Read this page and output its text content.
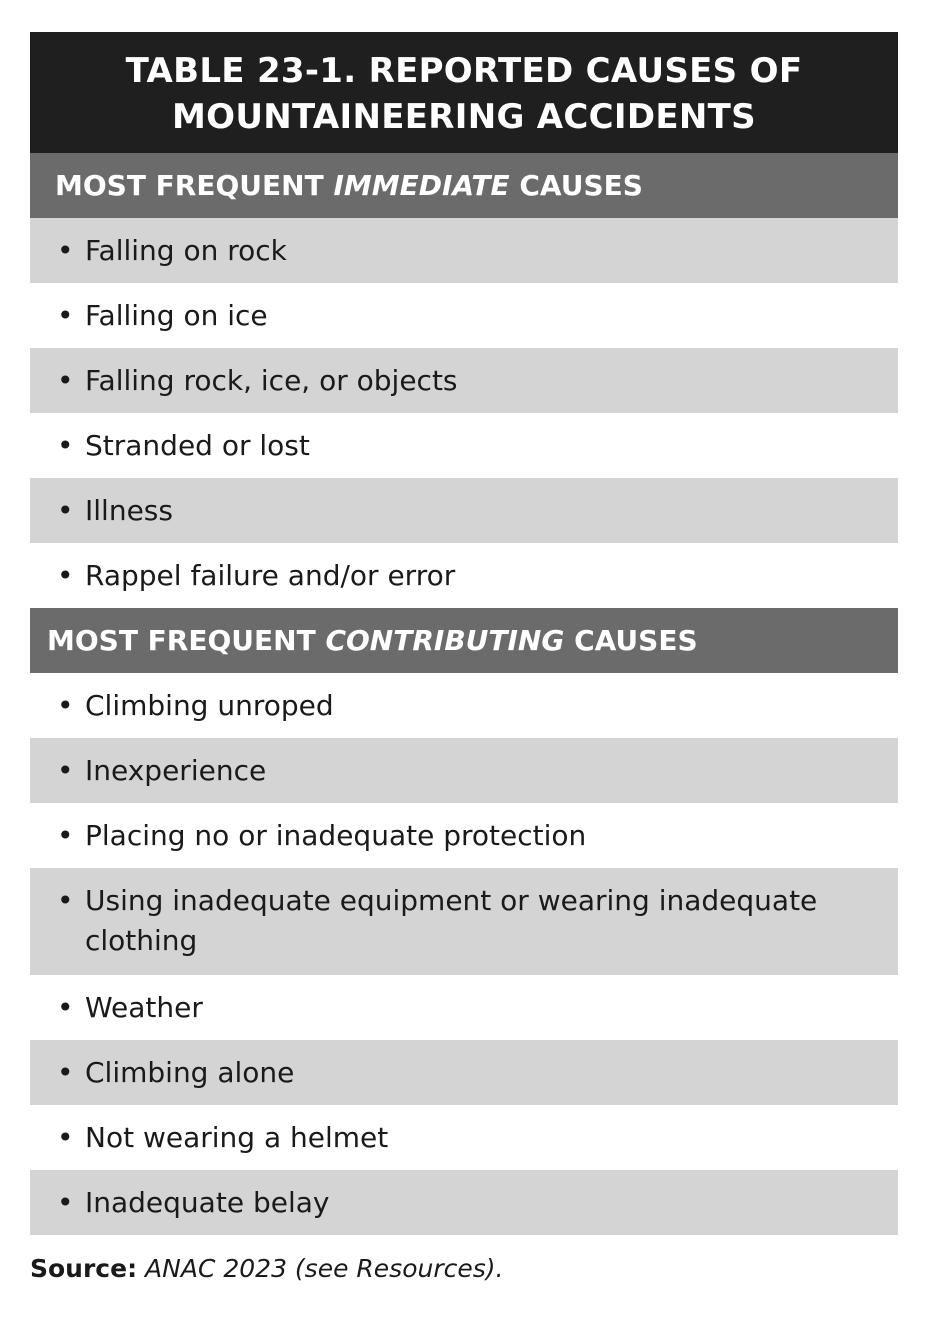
TABLE 23-1. REPORTED CAUSES OF
MOUNTAINEERING ACCIDENTS
MOST FREQUENT IMMEDIATE CAUSES
• Falling on rock
• Falling on ice
• Falling rock, ice, or objects
• Stranded or lost
• Illness
• Rappel failure and/or error
MOST FREQUENT CONTRIBUTING CAUSES
• Climbing unroped
• Inexperience
• Placing no or inadequate protection
• Using inadequate equipment or wearing inadequate clothing
• Weather
• Climbing alone
• Not wearing a helmet
• Inadequate belay
Source: ANAC 2023 (see Resources).
